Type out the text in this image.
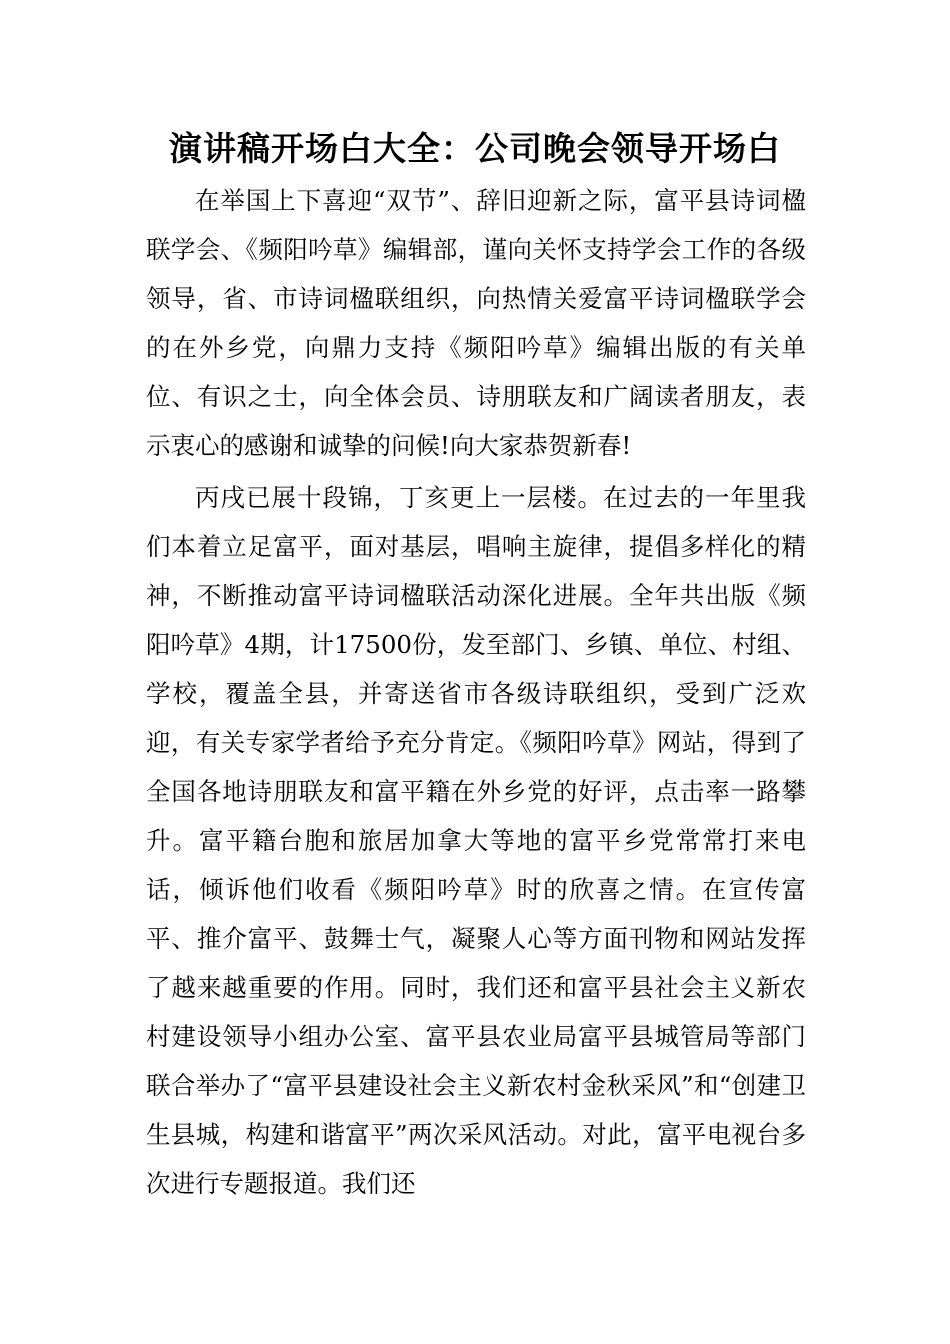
演讲稿开场白大全：公司晚会领导开场白

在举国上下喜迎“双节”、辞旧迎新之际，富平县诗词楹联学会、《频阳吟草》编辑部，谨向关怀支持学会工作的各级领导，省、市诗词楹联组织，向热情关爱富平诗词楹联学会的在外乡党，向鼎力支持《频阳吟草》编辑出版的有关单位、有识之士，向全体会员、诗朋联友和广阔读者朋友，表示衷心的感谢和诚挚的问候!向大家恭贺新春!

丙戌已展十段锦，丁亥更上一层楼。在过去的一年里我们本着立足富平，面对基层，唱响主旋律，提倡多样化的精神，不断推动富平诗词楹联活动深化进展。全年共出版《频阳吟草》4期，计17500份，发至部门、乡镇、单位、村组、学校，覆盖全县，并寄送省市各级诗联组织，受到广泛欢迎，有关专家学者给予充分肯定。《频阳吟草》网站，得到了全国各地诗朋联友和富平籍在外乡党的好评，点击率一路攀升。富平籍台胞和旅居加拿大等地的富平乡党常常打来电话，倾诉他们收看《频阳吟草》时的欣喜之情。在宣传富平、推介富平、鼓舞士气，凝聚人心等方面刊物和网站发挥了越来越重要的作用。同时，我们还和富平县社会主义新农村建设领导小组办公室、富平县农业局富平县城管局等部门联合举办了“富平县建设社会主义新农村金秋采风”和“创建卫生县城，构建和谐富平”两次采风活动。对此，富平电视台多次进行专题报道。我们还
